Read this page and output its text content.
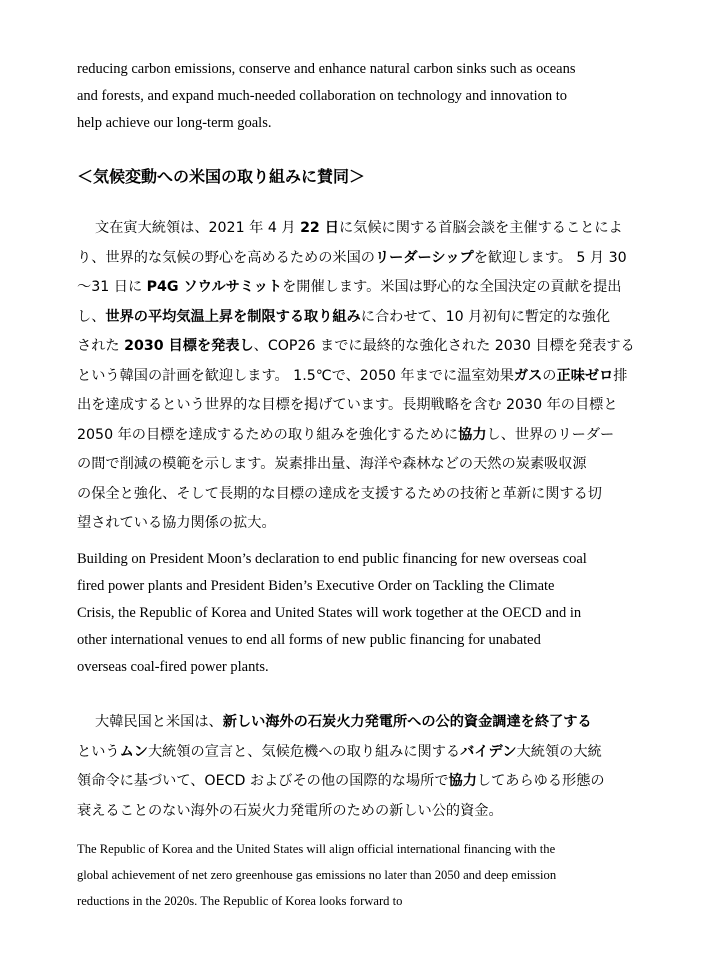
reducing carbon emissions, conserve and enhance natural carbon sinks such as oceans
and forests, and expand much-needed collaboration on technology and innovation to
help achieve our long-term goals.

＜気候変動への米国の取り組みに賛同＞

文在寅大統領は、2021 年 4 月 22 日に気候に関する首脳会談を主催することによ
り、世界的な気候の野心を高めるための米国のリーダーシップを歓迎します。 5 月 30
～31 日に P4G ソウルサミットを開催します。米国は野心的な全国決定の貢献を提出
し、世界の平均気温上昇を制限する取り組みに合わせて、10 月初旬に暫定的な強化
された 2030 目標を発表し、COP26 までに最終的な強化された 2030 目標を発表する
という韓国の計画を歓迎します。 1.5℃で、2050 年までに温室効果ガスの正味ゼロ排
出を達成するという世界的な目標を掲げています。長期戦略を含む 2030 年の目標と
2050 年の目標を達成するための取り組みを強化するために協力し、世界のリーダー
の間で削減の模範を示します。炭素排出量、海洋や森林などの天然の炭素吸収源
の保全と強化、そして長期的な目標の達成を支援するための技術と革新に関する切
望されている協力関係の拡大。

Building on President Moon’s declaration to end public financing for new overseas coal
fired power plants and President Biden’s Executive Order on Tackling the Climate
Crisis, the Republic of Korea and United States will work together at the OECD and in
other international venues to end all forms of new public financing for unabated
overseas coal-fired power plants.

大韓民国と米国は、新しい海外の石炭火力発電所への公的資金調達を終了する
というムン大統領の宣言と、気候危機への取り組みに関するバイデン大統領の大統
領命令に基づいて、OECD およびその他の国際的な場所で協力してあらゆる形態の
衰えることのない海外の石炭火力発電所のための新しい公的資金。

The Republic of Korea and the United States will align official international financing with the
global achievement of net zero greenhouse gas emissions no later than 2050 and deep emission
reductions in the 2020s. The Republic of Korea looks forward to
